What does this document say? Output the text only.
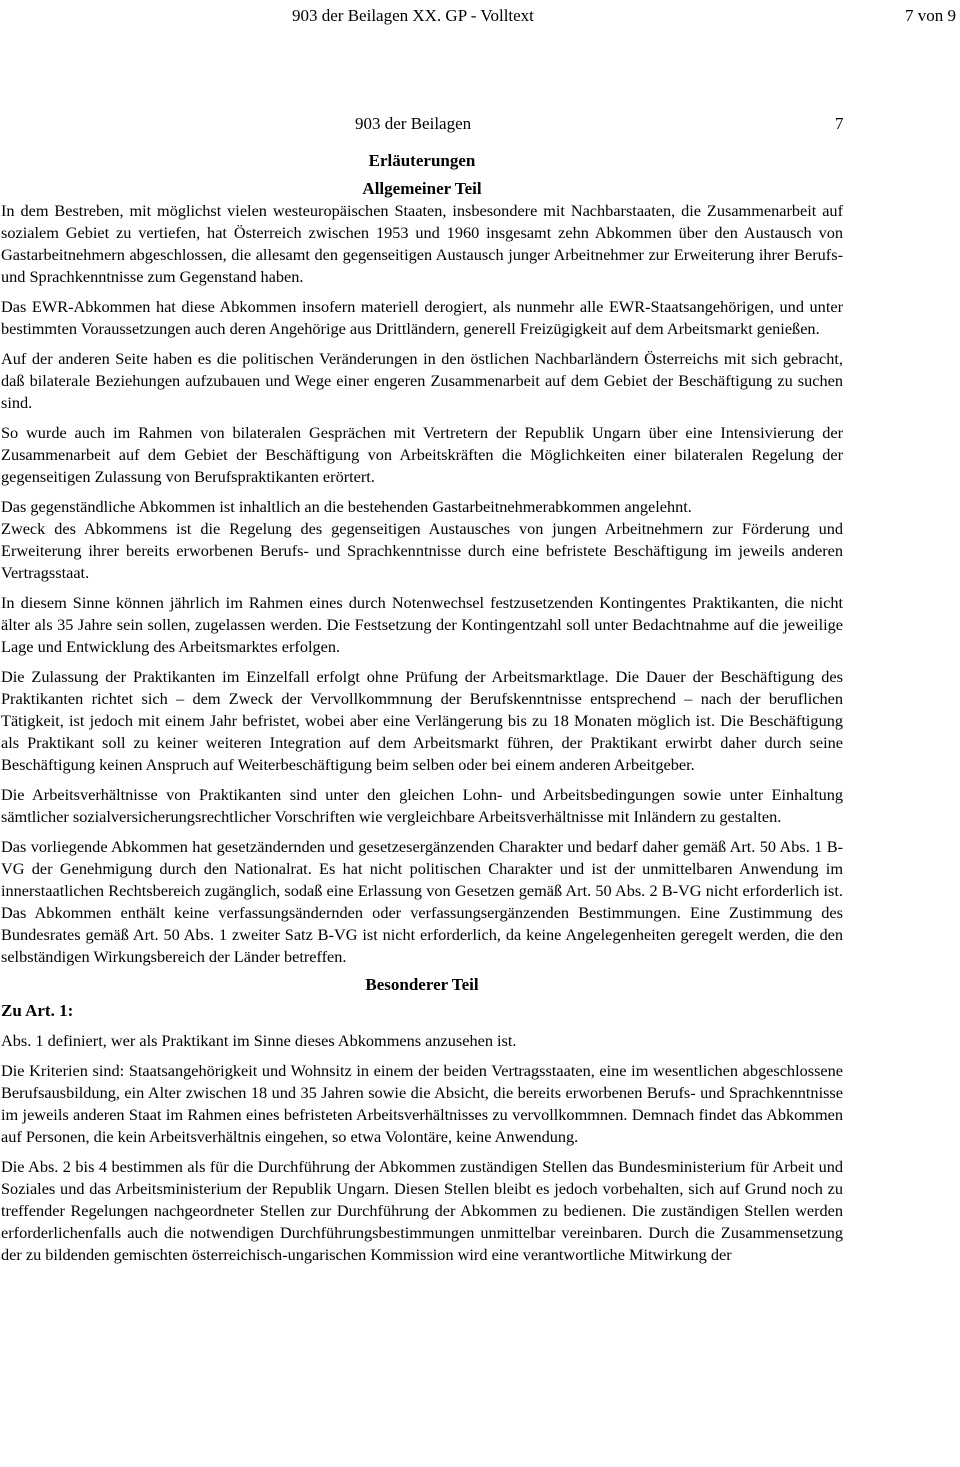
903 der Beilagen XX. GP - Volltext	7 von 9
903 der Beilagen	7
Erläuterungen
Allgemeiner Teil

In dem Bestreben, mit möglichst vielen westeuropäischen Staaten, insbesondere mit Nachbarstaaten, die Zusammenarbeit auf sozialem Gebiet zu vertiefen, hat Österreich zwischen 1953 und 1960 insgesamt zehn Abkommen über den Austausch von Gastarbeitnehmern abgeschlossen, die allesamt den gegenseitigen Austausch junger Arbeitnehmer zur Erweiterung ihrer Berufs- und Sprachkenntnisse zum Gegenstand haben.

Das EWR-Abkommen hat diese Abkommen insofern materiell derogiert, als nunmehr alle EWR-Staatsangehörigen, und unter bestimmten Voraussetzungen auch deren Angehörige aus Drittländern, generell Freizügigkeit auf dem Arbeitsmarkt genießen.

Auf der anderen Seite haben es die politischen Veränderungen in den östlichen Nachbarländern Österreichs mit sich gebracht, daß bilaterale Beziehungen aufzubauen und Wege einer engeren Zusammenarbeit auf dem Gebiet der Beschäftigung zu suchen sind.

So wurde auch im Rahmen von bilateralen Gesprächen mit Vertretern der Republik Ungarn über eine Intensivierung der Zusammenarbeit auf dem Gebiet der Beschäftigung von Arbeitskräften die Möglichkeiten einer bilateralen Regelung der gegenseitigen Zulassung von Berufspraktikanten erörtert.

Das gegenständliche Abkommen ist inhaltlich an die bestehenden Gastarbeitnehmerabkommen angelehnt.

Zweck des Abkommens ist die Regelung des gegenseitigen Austausches von jungen Arbeitnehmern zur Förderung und Erweiterung ihrer bereits erworbenen Berufs- und Sprachkenntnisse durch eine befristete Beschäftigung im jeweils anderen Vertragsstaat.

In diesem Sinne können jährlich im Rahmen eines durch Notenwechsel festzusetzenden Kontingentes Praktikanten, die nicht älter als 35 Jahre sein sollen, zugelassen werden. Die Festsetzung der Kontingentzahl soll unter Bedachtnahme auf die jeweilige Lage und Entwicklung des Arbeitsmarktes erfolgen.

Die Zulassung der Praktikanten im Einzelfall erfolgt ohne Prüfung der Arbeitsmarktlage. Die Dauer der Beschäftigung des Praktikanten richtet sich – dem Zweck der Vervollkommnung der Berufskenntnisse entsprechend – nach der beruflichen Tätigkeit, ist jedoch mit einem Jahr befristet, wobei aber eine Verlängerung bis zu 18 Monaten möglich ist. Die Beschäftigung als Praktikant soll zu keiner weiteren Integration auf dem Arbeitsmarkt führen, der Praktikant erwirbt daher durch seine Beschäftigung keinen Anspruch auf Weiterbeschäftigung beim selben oder bei einem anderen Arbeitgeber.

Die Arbeitsverhältnisse von Praktikanten sind unter den gleichen Lohn- und Arbeitsbedingungen sowie unter Einhaltung sämtlicher sozialversicherungsrechtlicher Vorschriften wie vergleichbare Arbeitsverhältnisse mit Inländern zu gestalten.

Das vorliegende Abkommen hat gesetzändernden und gesetzesergänzenden Charakter und bedarf daher gemäß Art. 50 Abs. 1 B-VG der Genehmigung durch den Nationalrat. Es hat nicht politischen Charakter und ist der unmittelbaren Anwendung im innerstaatlichen Rechtsbereich zugänglich, sodaß eine Erlassung von Gesetzen gemäß Art. 50 Abs. 2 B-VG nicht erforderlich ist. Das Abkommen enthält keine verfassungsändernden oder verfassungsergänzenden Bestimmungen. Eine Zustimmung des Bundesrates gemäß Art. 50 Abs. 1 zweiter Satz B-VG ist nicht erforderlich, da keine Angelegenheiten geregelt werden, die den selbständigen Wirkungsbereich der Länder betreffen.

Besonderer Teil
Zu Art. 1:

Abs. 1 definiert, wer als Praktikant im Sinne dieses Abkommens anzusehen ist.

Die Kriterien sind: Staatsangehörigkeit und Wohnsitz in einem der beiden Vertragsstaaten, eine im wesentlichen abgeschlossene Berufsausbildung, ein Alter zwischen 18 und 35 Jahren sowie die Absicht, die bereits erworbenen Berufs- und Sprachkenntnisse im jeweils anderen Staat im Rahmen eines befristeten Arbeitsverhältnisses zu vervollkommnen. Demnach findet das Abkommen auf Personen, die kein Arbeitsverhältnis eingehen, so etwa Volontäre, keine Anwendung.

Die Abs. 2 bis 4 bestimmen als für die Durchführung der Abkommen zuständigen Stellen das Bundesministerium für Arbeit und Soziales und das Arbeitsministerium der Republik Ungarn. Diesen Stellen bleibt es jedoch vorbehalten, sich auf Grund noch zu treffender Regelungen nachgeordneter Stellen zur Durchführung der Abkommen zu bedienen. Die zuständigen Stellen werden erforderlichenfalls auch die notwendigen Durchführungsbestimmungen unmittelbar vereinbaren. Durch die Zusammensetzung der zu bildenden gemischten österreichisch-ungarischen Kommission wird eine verantwortliche Mitwirkung der
